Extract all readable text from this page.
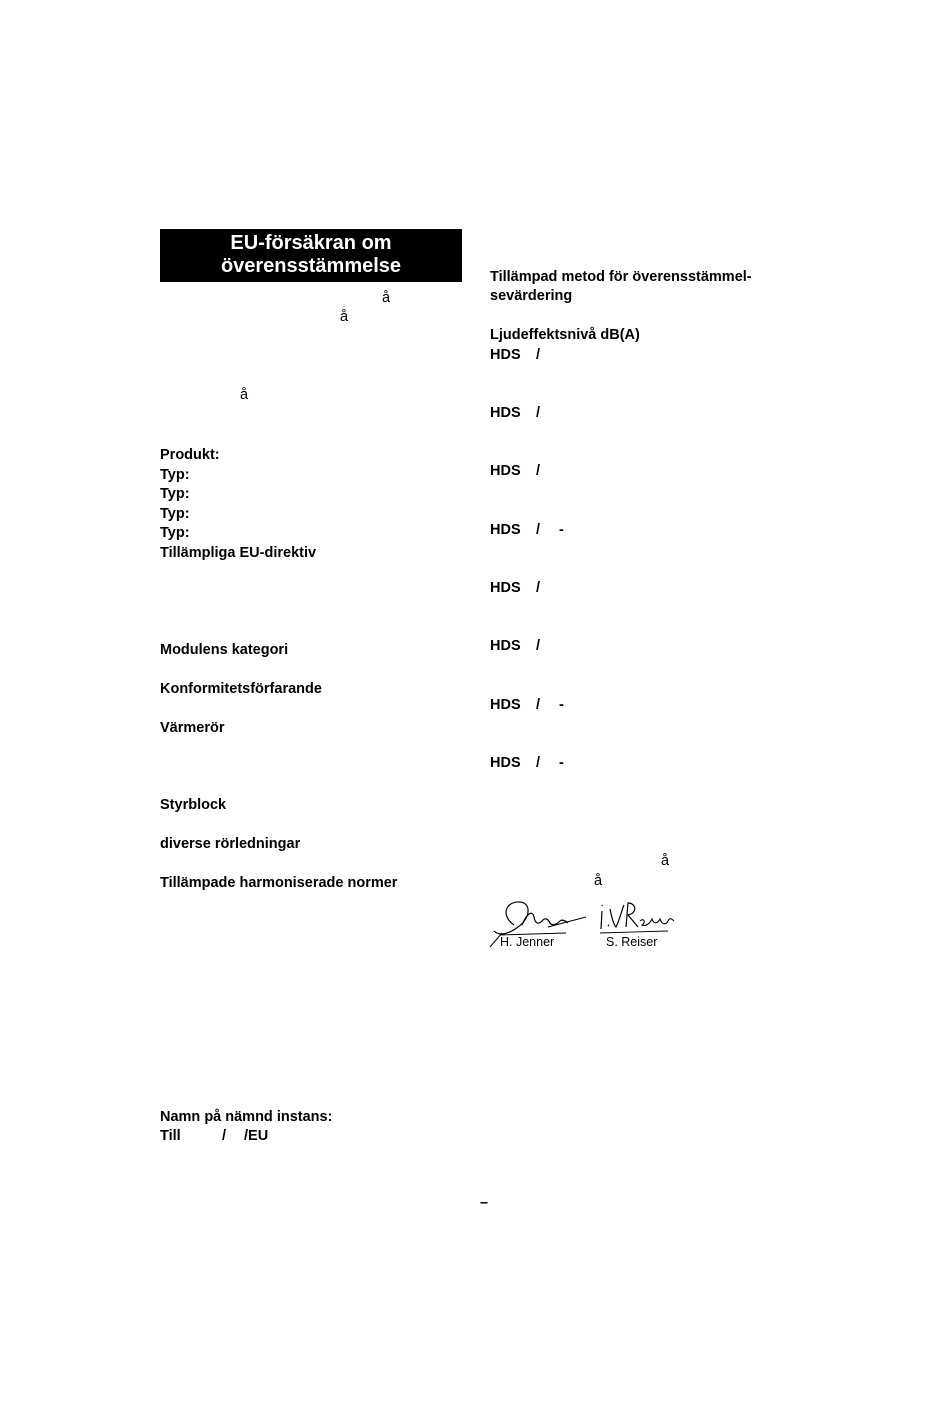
EU-försäkran om
överensstämmelse
å
å
å
Produkt:
Typ:
Typ:
Typ:
Typ:
Tillämpliga EU-direktiv
Modulens kategori
Konformitetsförfarande
Värmerör
Styrblock
diverse rörledningar
Tillämpade harmoniserade normer
Namn på nämnd instans:
Till	/ /EU
Tillämpad metod för överensstämmel-
sevärdering
Ljudeffektsnivå dB(A)
HDS /
HDS /
HDS /
HDS / -
HDS /
HDS /
HDS / -
HDS / -
å
å
H. Jenner	S. Reiser
–
